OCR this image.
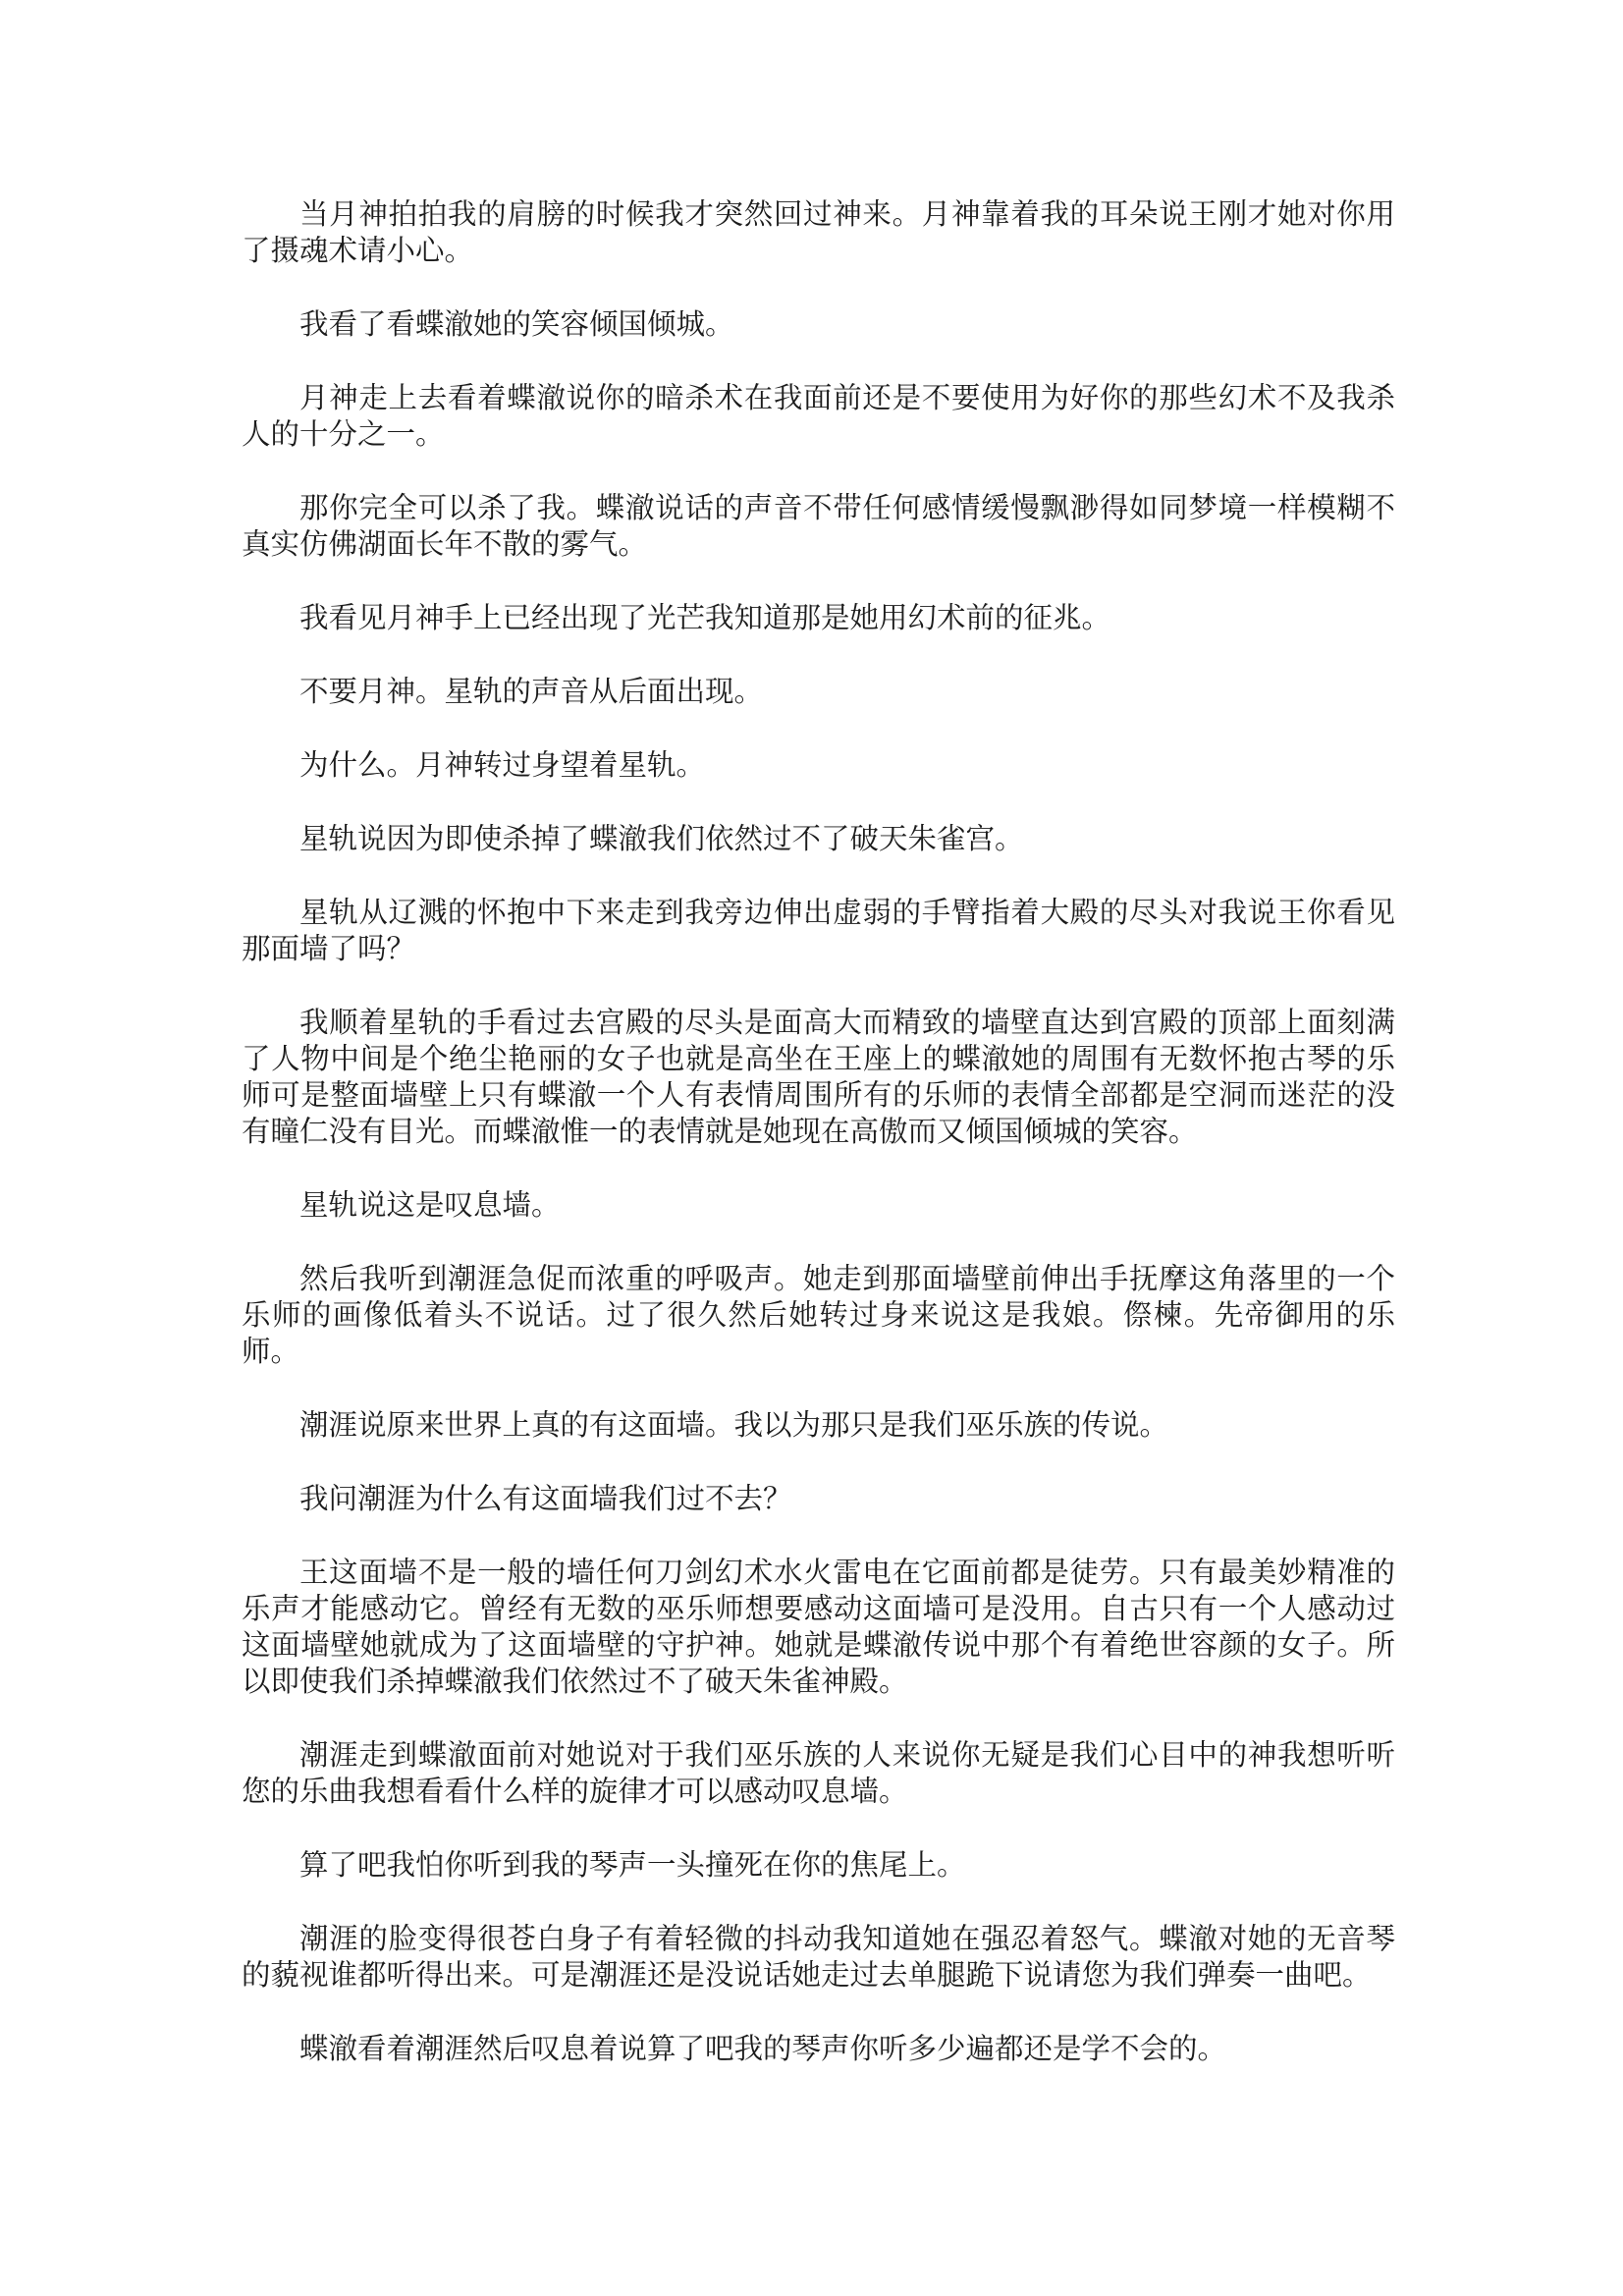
当月神拍拍我的肩膀的时候我才突然回过神来。月神靠着我的耳朵说王刚才她对你用了摄魂术请小心。

我看了看蝶澈她的笑容倾国倾城。

月神走上去看着蝶澈说你的暗杀术在我面前还是不要使用为好你的那些幻术不及我杀人的十分之一。

那你完全可以杀了我。蝶澈说话的声音不带任何感情缓慢飘渺得如同梦境一样模糊不真实仿佛湖面长年不散的雾气。

我看见月神手上已经出现了光芒我知道那是她用幻术前的征兆。

不要月神。星轨的声音从后面出现。

为什么。月神转过身望着星轨。

星轨说因为即使杀掉了蝶澈我们依然过不了破天朱雀宫。

星轨从辽溅的怀抱中下来走到我旁边伸出虚弱的手臂指着大殿的尽头对我说王你看见那面墙了吗？

我顺着星轨的手看过去宫殿的尽头是面高大而精致的墙壁直达到宫殿的顶部上面刻满了人物中间是个绝尘艳丽的女子也就是高坐在王座上的蝶澈她的周围有无数怀抱古琴的乐师可是整面墙壁上只有蝶澈一个人有表情周围所有的乐师的表情全部都是空洞而迷茫的没有瞳仁没有目光。而蝶澈惟一的表情就是她现在高傲而又倾国倾城的笑容。

星轨说这是叹息墙。

然后我听到潮涯急促而浓重的呼吸声。她走到那面墙壁前伸出手抚摩这角落里的一个乐师的画像低着头不说话。过了很久然后她转过身来说这是我娘。傺楝。先帝御用的乐师。

潮涯说原来世界上真的有这面墙。我以为那只是我们巫乐族的传说。

我问潮涯为什么有这面墙我们过不去？

王这面墙不是一般的墙任何刀剑幻术水火雷电在它面前都是徒劳。只有最美妙精准的乐声才能感动它。曾经有无数的巫乐师想要感动这面墙可是没用。自古只有一个人感动过这面墙壁她就成为了这面墙壁的守护神。她就是蝶澈传说中那个有着绝世容颜的女子。所以即使我们杀掉蝶澈我们依然过不了破天朱雀神殿。

潮涯走到蝶澈面前对她说对于我们巫乐族的人来说你无疑是我们心目中的神我想听听您的乐曲我想看看什么样的旋律才可以感动叹息墙。

算了吧我怕你听到我的琴声一头撞死在你的焦尾上。

潮涯的脸变得很苍白身子有着轻微的抖动我知道她在强忍着怒气。蝶澈对她的无音琴的藐视谁都听得出来。可是潮涯还是没说话她走过去单腿跪下说请您为我们弹奏一曲吧。

蝶澈看着潮涯然后叹息着说算了吧我的琴声你听多少遍都还是学不会的。
